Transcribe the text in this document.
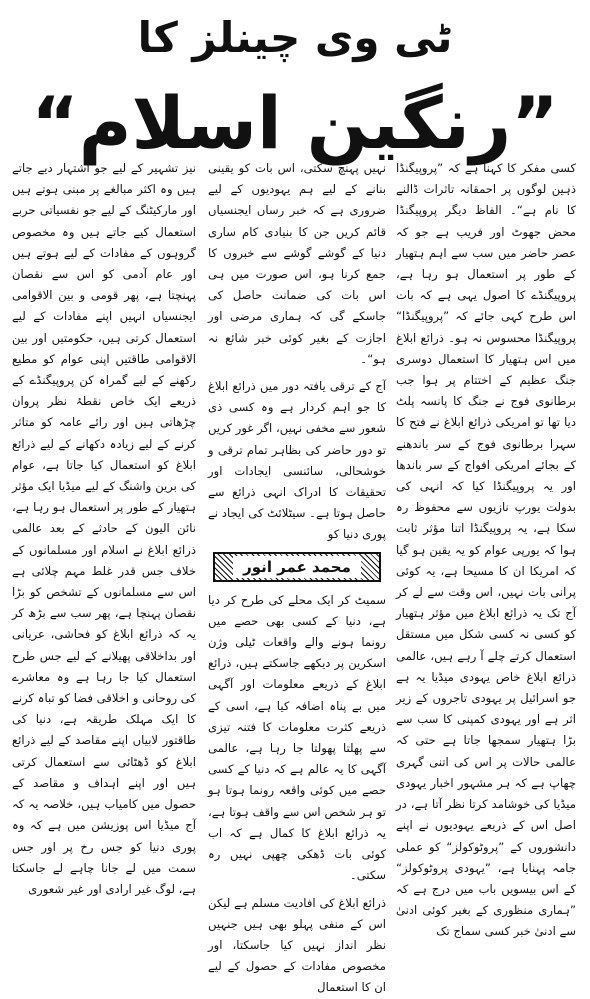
ٹی وی چینلز کا
”رنگین اسلام“

کسی مفکر کا کہنا ہے کہ ”پروپیگنڈا ذہین لوگوں پر احمقانہ تاثرات ڈالنے کا نام ہے“۔ الفاظ دیگر پروپیگنڈا محض جھوٹ اور فریب ہے جو کہ عصر حاضر میں سب سے اہم ہتھیار کے طور پر استعمال ہو رہا ہے، پروپیگنڈے کا اصول یہی ہے کہ بات اس طرح کہی جائے کہ ”پروپیگنڈا“ پروپیگنڈا محسوس نہ ہو۔ ذرائع ابلاغ میں اس ہتھیار کا استعمال دوسری جنگ عظیم کے اختتام پر ہوا جب برطانوی فوج نے جنگ کا پانسہ پلٹ دیا تھا تو امریکی ذرائع ابلاغ نے فتح کا سہرا برطانوی فوج کے سر باندھنے کے بجائے امریکی افواج کے سر باندھا اور یہ پروپیگنڈا کیا کہ انہی کی بدولت یورپ نازیوں سے محفوظ رہ سکا ہے، یہ پروپیگنڈا اتنا مؤثر ثابت ہوا کہ یورپی عوام کو یہ یقین ہو گیا کہ امریکا ان کا مسیحا ہے، یہ کوئی پرانی بات نہیں، اس وقت سے لے کر آج تک یہ ذرائع ابلاغ میں مؤثر ہتھیار کو کسی نہ کسی شکل میں مستقل استعمال کرتے چلے آ رہے ہیں، عالمی ذرائع ابلاغ خاص یہودی میڈیا یہ ہے جو اسرائیل پر یہودی تاجروں کے زیر اثر ہے اور یہودی کمپنی کا سب سے بڑا ہتھیار سمجھا جاتا ہے حتی کہ عالمی حالات پر اس کی اتنی گہری چھاپ ہے کہ ہر مشہور اخبار یہودی میڈیا کی خوشامد کرتا نظر آتا ہے، در اصل اس کے ذریعے یہودیوں نے اپنے دانشوروں کے ”پروٹوکولز“ کو عملی جامہ پہنایا ہے، ”یہودی پروٹوکولز“ کے اس بیسویں باب میں درج ہے کہ ”ہماری منظوری کے بغیر کوئی ادنیٰ سے ادنیٰ خبر کسی سماج تک

نہیں پہنچ سکتی، اس بات کو یقینی بنانے کے لیے ہم یہودیوں کے لیے ضروری ہے کہ خبر رساں ایجنسیاں قائم کریں جن کا بنیادی کام ساری دنیا کے گوشے گوشے سے خبروں کا جمع کرنا ہو، اس صورت میں ہی اس بات کی ضمانت حاصل کی جاسکے گی کہ ہماری مرضی اور اجازت کے بغیر کوئی خبر شائع نہ ہو“۔

آج کے ترقی یافتہ دور میں ذرائع ابلاغ کا جو اہم کردار ہے وہ کسی ذی شعور سے مخفی نہیں، اگر غور کریں تو دور حاضر کی بظاہر تمام ترقی و خوشحالی، سائنسی ایجادات اور تحقیقات کا ادراک انہی ذرائع سے حاصل ہوتا ہے۔ سیٹلائٹ کی ایجاد نے پوری دنیا کو

محمد عمر انور

سمیٹ کر ایک محلے کی طرح کر دیا ہے، دنیا کے کسی بھی حصے میں رونما ہونے والے واقعات ٹیلی وژن اسکرین پر دیکھے جاسکتے ہیں، ذرائع ابلاغ کے ذریعے معلومات اور آگہی میں بے پناہ اضافہ کیا ہے، اسی کے ذریعے کثرت معلومات کا فتنہ تیزی سے پھلتا پھولتا جا رہا ہے، عالمی آگہی کا یہ عالم ہے کہ دنیا کے کسی حصے میں کوئی واقعہ رونما ہوتا ہو تو ہر شخص اس سے واقف ہوتا ہے، یہ ذرائع ابلاغ کا کمال ہے کہ اب کوئی بات ڈھکی چھپی نہیں رہ سکتی۔

ذرائع ابلاغ کی افادیت مسلم ہے لیکن اس کے منفی پہلو بھی ہیں جنہیں نظر انداز نہیں کیا جاسکتا، اور مخصوص مفادات کے حصول کے لیے ان کا استعمال

نیز تشہیر کے لیے جو اشتہار دیے جاتے ہیں وہ اکثر مبالغے پر مبنی ہوتے ہیں اور مارکیٹنگ کے لیے جو نفسیاتی حربے استعمال کیے جاتے ہیں وہ مخصوص گروہوں کے مفادات کے لیے ہوتے ہیں اور عام آدمی کو اس سے نقصان پہنچتا ہے، پھر قومی و بین الاقوامی ایجنسیاں انہیں اپنے مفادات کے لیے استعمال کرتی ہیں، حکومتیں اور بین الاقوامی طاقتیں اپنی عوام کو مطیع رکھنے کے لیے گمراہ کن پروپیگنڈے کے ذریعے ایک خاص نقطۂ نظر پروان چڑھاتی ہیں اور رائے عامہ کو متاثر کرنے کے لیے زیادہ دکھانے کے لیے ذرائع ابلاغ کو استعمال کیا جاتا ہے، عوام کی برین واشنگ کے لیے میڈیا ایک مؤثر ہتھیار کے طور پر استعمال ہو رہا ہے، نائن الیون کے حادثے کے بعد عالمی ذرائع ابلاغ نے اسلام اور مسلمانوں کے خلاف جس قدر غلط مہم چلائی ہے اس سے مسلمانوں کے تشخص کو بڑا نقصان پہنچا ہے، پھر سب سے بڑھ کر یہ کہ ذرائع ابلاغ کو فحاشی، عریانی اور بداخلاقی پھیلانے کے لیے جس طرح استعمال کیا جا رہا ہے وہ معاشرے کی روحانی و اخلاقی فضا کو تباہ کرنے کا ایک مہلک طریقہ ہے، دنیا کی طاقتور لابیاں اپنے مقاصد کے لیے ذرائع ابلاغ کو ڈھٹائی سے استعمال کرتی ہیں اور اپنے اہداف و مقاصد کے حصول میں کامیاب ہیں، خلاصہ یہ کہ آج میڈیا اس پوزیشن میں ہے کہ وہ پوری دنیا کو جس رخ پر اور جس سمت میں لے جانا چاہے لے جاسکتا ہے، لوگ غیر ارادی اور غیر شعوری
